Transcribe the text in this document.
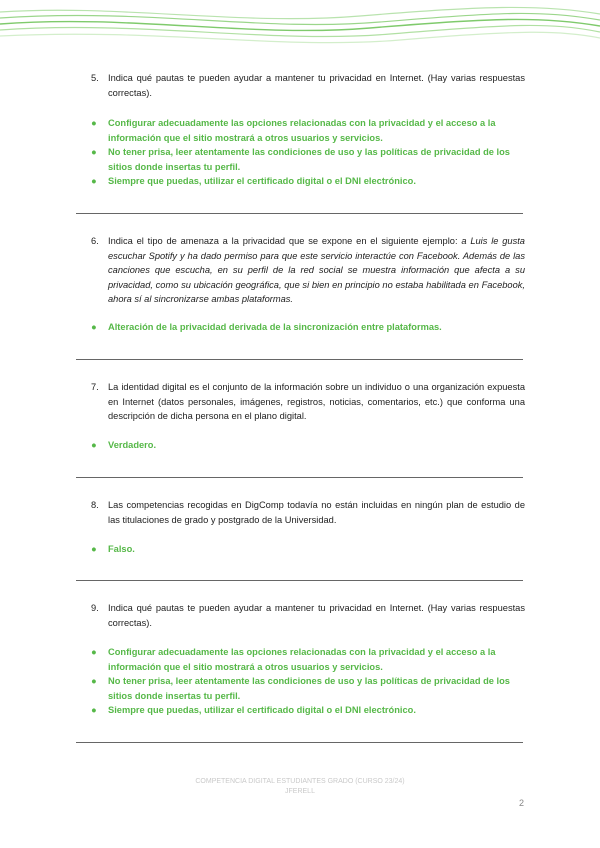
5. Indica qué pautas te pueden ayudar a mantener tu privacidad en Internet. (Hay varias respuestas correctas).
● Configurar adecuadamente las opciones relacionadas con la privacidad y el acceso a la información que el sitio mostrará a otros usuarios y servicios.
● No tener prisa, leer atentamente las condiciones de uso y las políticas de privacidad de los sitios donde insertas tu perfil.
● Siempre que puedas, utilizar el certificado digital o el DNI electrónico.
6. Indica el tipo de amenaza a la privacidad que se expone en el siguiente ejemplo: a Luis le gusta escuchar Spotify y ha dado permiso para que este servicio interactúe con Facebook. Además de las canciones que escucha, en su perfil de la red social se muestra información que afecta a su privacidad, como su ubicación geográfica, que si bien en principio no estaba habilitada en Facebook, ahora sí al sincronizarse ambas plataformas.
● Alteración de la privacidad derivada de la sincronización entre plataformas.
7. La identidad digital es el conjunto de la información sobre un individuo o una organización expuesta en Internet (datos personales, imágenes, registros, noticias, comentarios, etc.) que conforma una descripción de dicha persona en el plano digital.
● Verdadero.
8. Las competencias recogidas en DigComp todavía no están incluidas en ningún plan de estudio de las titulaciones de grado y postgrado de la Universidad.
● Falso.
9. Indica qué pautas te pueden ayudar a mantener tu privacidad en Internet. (Hay varias respuestas correctas).
● Configurar adecuadamente las opciones relacionadas con la privacidad y el acceso a la información que el sitio mostrará a otros usuarios y servicios.
● No tener prisa, leer atentamente las condiciones de uso y las políticas de privacidad de los sitios donde insertas tu perfil.
● Siempre que puedas, utilizar el certificado digital o el DNI electrónico.
COMPETENCIA DIGITAL ESTUDIANTES GRADO (CURSO 23/24)
JFERELL
2
